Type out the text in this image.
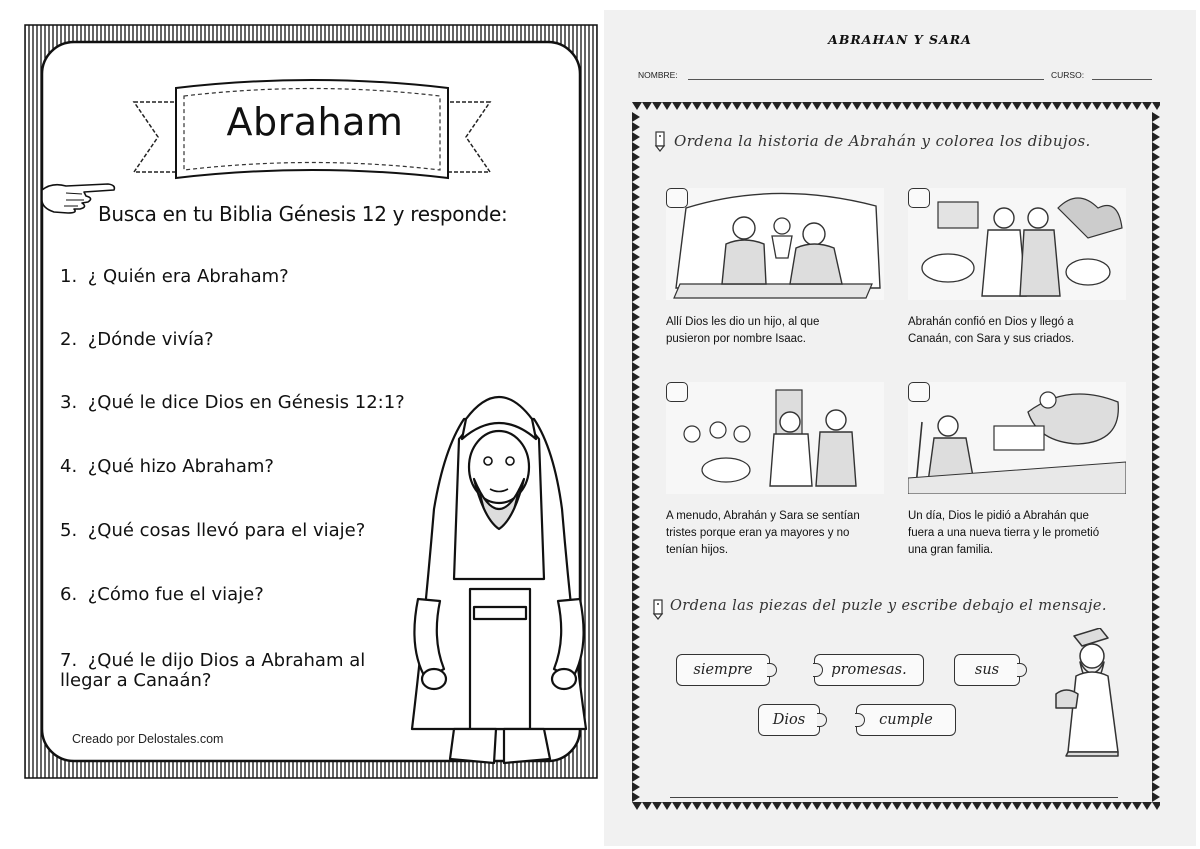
Abraham
Busca en tu Biblia Génesis 12 y responde:
1. ¿ Quién era Abraham?
2. ¿Dónde vivía?
3. ¿Qué le dice Dios en Génesis 12:1?
4. ¿Qué hizo Abraham?
5. ¿Qué cosas llevó para el viaje?
6. ¿Cómo fue el viaje?
7. ¿Qué le dijo Dios a Abraham al
llegar a Canaán?
Creado por Delostales.com
ABRAHAN Y SARA
NOMBRE:	CURSO:
Ordena la historia de Abrahán y colorea los dibujos.
Allí Dios les dio un hijo, al que
pusieron por nombre Isaac.
Abrahán confió en Dios y llegó a
Canaán, con Sara y sus criados.
A menudo, Abrahán y Sara se sentían
tristes porque eran ya mayores y no
tenían hijos.
Un día, Dios le pidió a Abrahán que
fuera a una nueva tierra y le prometió
una gran familia.
Ordena las piezas del puzle y escribe debajo el mensaje.
siempre	promesas.	sus
Dios	cumple
